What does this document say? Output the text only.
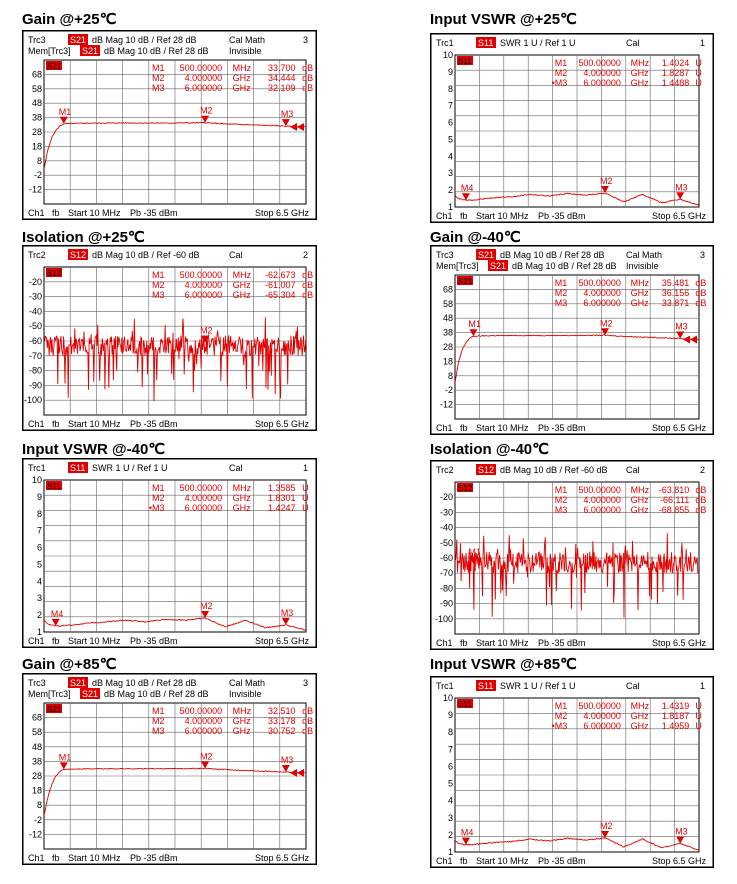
Gain @+25℃
Trc3	S21 dB Mag 10 dB / Ref 28 dB	Cal Math	3
Mem[Trc3] S21 dB Mag 10 dB / Ref 28 dB Invisible
68
58
48
38
28
18
8
-2
-12
S21	M1 500.00000 MHz 33.700 dB
M2 4.000000 GHz 34.444 dB
M3 6.000000 GHz 32.109 dB
M1	M2	M3
Ch1 fb Start 10 MHz Pb -35 dBm	Stop 6.5 GHz
Input VSWR @+25℃
Trc1	S11 SWR 1 U / Ref 1 U	Cal	1
10
9
8
7
6
5
4
3
2
1
S11	M1 500.00000 MHz 1.4024 U
M2 4.000000 GHz 1.8287 U
•M3 6.000000 GHz 1.4488 U
M4
M2
M3
Ch1 fb Start 10 MHz Pb -35 dBm	Stop 6.5 GHz
Isolation @+25℃
Trc2	S12 dB Mag 10 dB / Ref -60 dB	Cal	2
-20
-30
-40
-50
-60
-70
-80
-90
-100
S12	M1 500.00000 MHz -62.673 dB
M2 4.000000 GHz -61.007 dB
M3 6.000000 GHz -65.304 dB
M2
Ch1 fb Start 10 MHz Pb -35 dBm	Stop 6.5 GHz
Gain @-40℃
Trc3	S21 dB Mag 10 dB / Ref 28 dB Cal Math	3
Mem[Trc3] S21 dB Mag 10 dB / Ref 28 dB Invisible
68
58
48
38
28
18
8
-2
-12
S21	M1 500.00000 MHz 35.481 dB
M2 4.000000 GHz 36.156 dB
M3 6.000000 GHz 33.871 dB
M1	M2	M3
Ch1 fb Start 10 MHz Pb -35 dBm	Stop 6.5 GHz
Input VSWR @-40℃
Trc1	S11 SWR 1 U / Ref 1 U	Cal	1
10
9
8
7
6
5
4
3
2
1
S11	M1 500.00000 MHz 1.3585 U
M2 4.000000 GHz 1.8301 U
•M3 6.000000 GHz 1.4247 U
M4
M2
M3
Ch1 fb Start 10 MHz Pb -35 dBm	Stop 6.5 GHz
Isolation @-40℃
Trc2	S12 dB Mag 10 dB / Ref -60 dB Cal	2
-20
-30
-40
-50
-60
-70
-80
-90
-100
S12	M1 500.00000 MHz -63.810 dB
M2 4.000000 GHz -66.111 dB
M3 6.000000 GHz -68.855 dB
M1
Ch1 fb Start 10 MHz Pb -35 dBm	Stop 6.5 GHz
Gain @+85℃
Trc3	S21 dB Mag 10 dB / Ref 28 dB	Cal Math	3
Mem[Trc3] S21 dB Mag 10 dB / Ref 28 dB Invisible
68
58
48
38
28
18
8
-2
-12
S21	M1 500.00000 MHz 32.510 dB
M2 4.000000 GHz 33.178 dB
M3 6.000000 GHz 30.752 dB
M1	M2	M3
Ch1 fb Start 10 MHz Pb -35 dBm	Stop 6.5 GHz
Input VSWR @+85℃
Trc1	S11 SWR 1 U / Ref 1 U	Cal	1
10
9
8
7
6
5
4
3
2
1
S11	M1 500.00000 MHz 1.4319 U
M2 4.000000 GHz 1.8187 U
•M3 6.000000 GHz 1.4959 U
M4
M2
M3
Ch1 fb Start 10 MHz Pb -35 dBm	Stop 6.5 GHz
